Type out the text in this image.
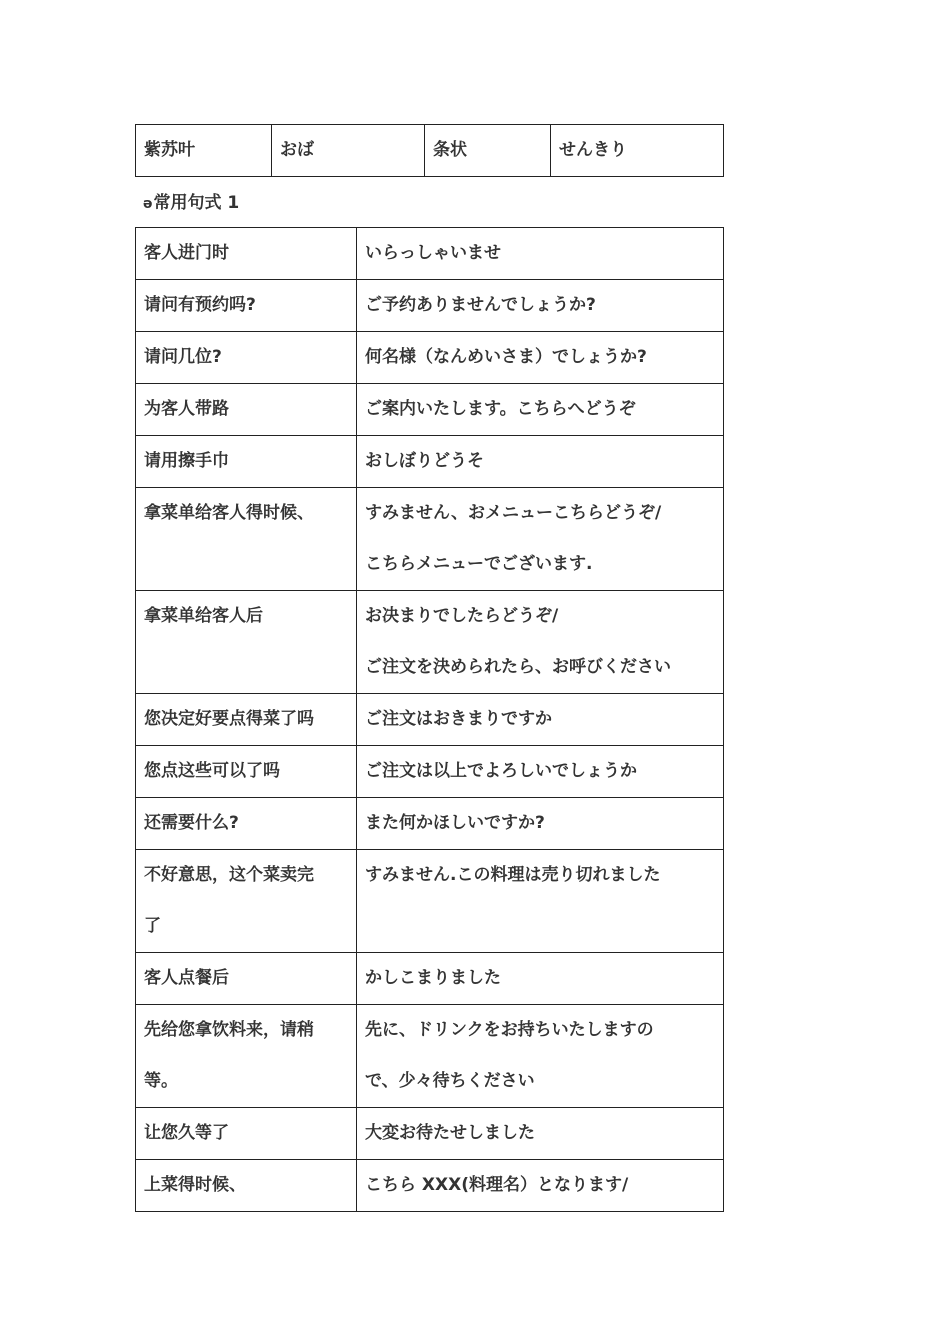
紫苏叶	おば	条状	せんきり
ə常用句式 1
客人进门时	いらっしゃいませ

请问有预约吗?	ご予约ありませんでしょうか?

请问几位?	何名様（なんめいさま）でしょうか?

为客人带路	ご案内いたします。こちらへどうぞ

请用擦手巾	おしぼりどうそ

拿菜单给客人得时候、	すみません、おメニューこちらどうぞ/
こちらメニューでございます.

拿菜单给客人后	お决まりでしたらどうぞ/
ご注文を決められたら、お呼びください

您决定好要点得菜了吗	ご注文はおきまりですか

您点这些可以了吗	ご注文は以上でよろしいでしょうか

还需要什么?	また何かほしいですか?

不好意思，这个菜卖完
了	すみません.この料理は売り切れました

客人点餐后	かしこまりました

先给您拿饮料来，请稍
等。	先に、ドリンクをお持ちいたしますの
で、少々待ちください

让您久等了	大変お待たせしました

上菜得时候、	こちら XXX(料理名）となります/
